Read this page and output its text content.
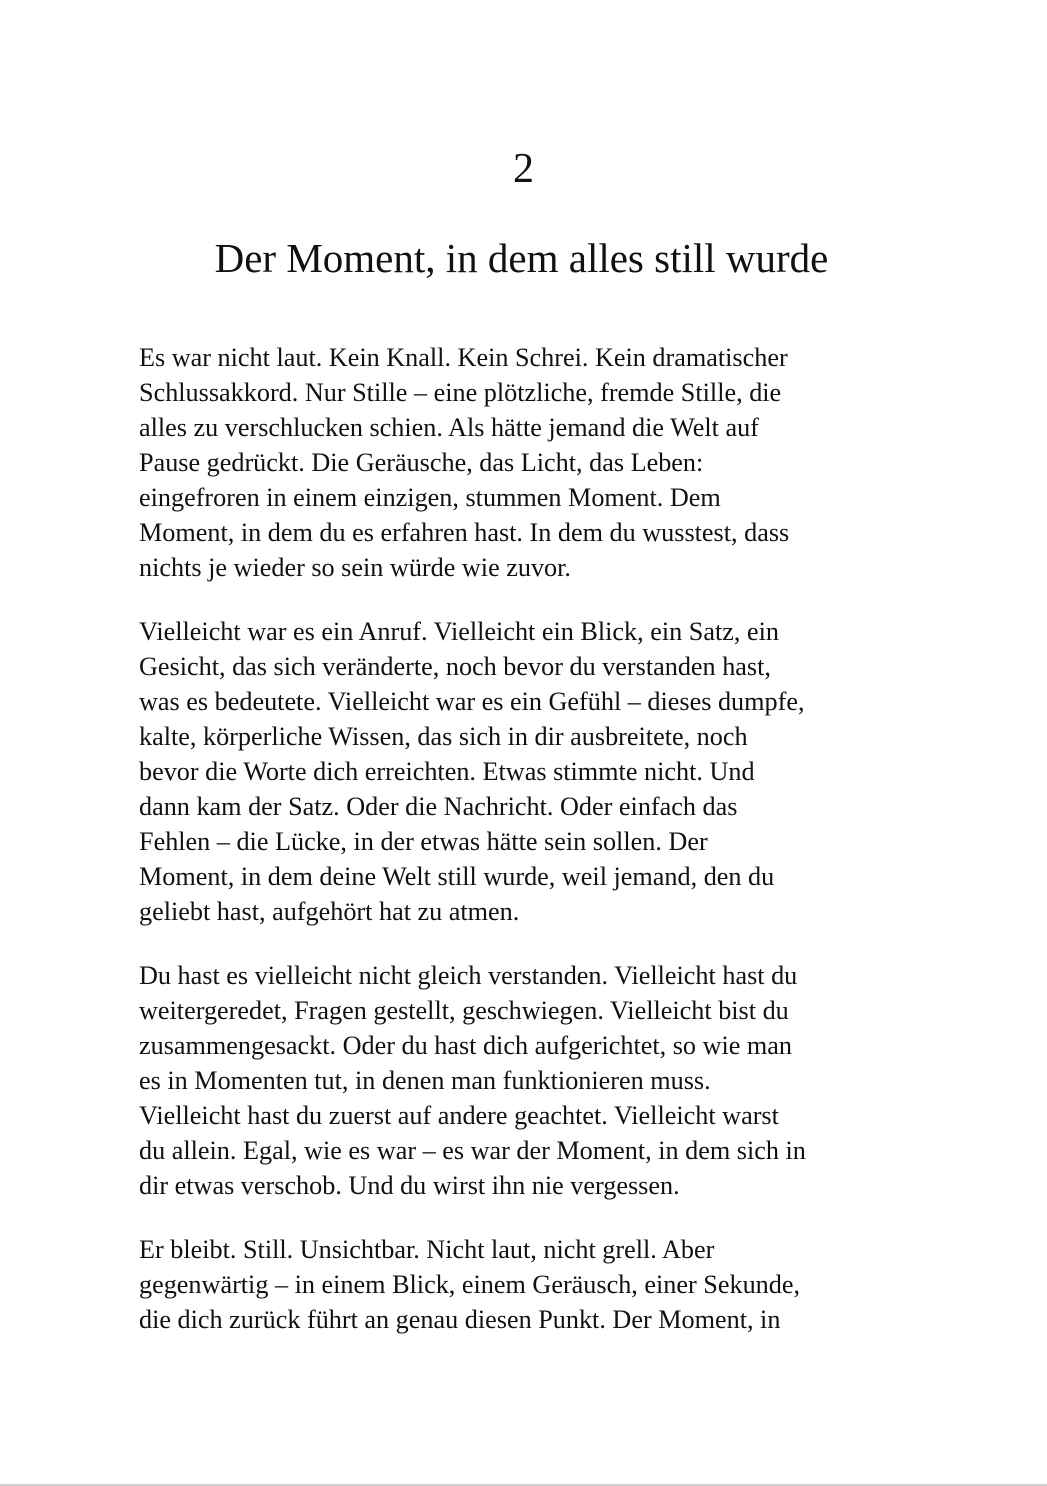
2
Der Moment, in dem alles still wurde

Es war nicht laut. Kein Knall. Kein Schrei. Kein dramatischer
Schlussakkord. Nur Stille – eine plötzliche, fremde Stille, die
alles zu verschlucken schien. Als hätte jemand die Welt auf
Pause gedrückt. Die Geräusche, das Licht, das Leben:
eingefroren in einem einzigen, stummen Moment. Dem
Moment, in dem du es erfahren hast. In dem du wusstest, dass
nichts je wieder so sein würde wie zuvor.

Vielleicht war es ein Anruf. Vielleicht ein Blick, ein Satz, ein
Gesicht, das sich veränderte, noch bevor du verstanden hast,
was es bedeutete. Vielleicht war es ein Gefühl – dieses dumpfe,
kalte, körperliche Wissen, das sich in dir ausbreitete, noch
bevor die Worte dich erreichten. Etwas stimmte nicht. Und
dann kam der Satz. Oder die Nachricht. Oder einfach das
Fehlen – die Lücke, in der etwas hätte sein sollen. Der
Moment, in dem deine Welt still wurde, weil jemand, den du
geliebt hast, aufgehört hat zu atmen.

Du hast es vielleicht nicht gleich verstanden. Vielleicht hast du
weitergeredet, Fragen gestellt, geschwiegen. Vielleicht bist du
zusammengesackt. Oder du hast dich aufgerichtet, so wie man
es in Momenten tut, in denen man funktionieren muss.
Vielleicht hast du zuerst auf andere geachtet. Vielleicht warst
du allein. Egal, wie es war – es war der Moment, in dem sich in
dir etwas verschob. Und du wirst ihn nie vergessen.

Er bleibt. Still. Unsichtbar. Nicht laut, nicht grell. Aber
gegenwärtig – in einem Blick, einem Geräusch, einer Sekunde,
die dich zurück führt an genau diesen Punkt. Der Moment, in
